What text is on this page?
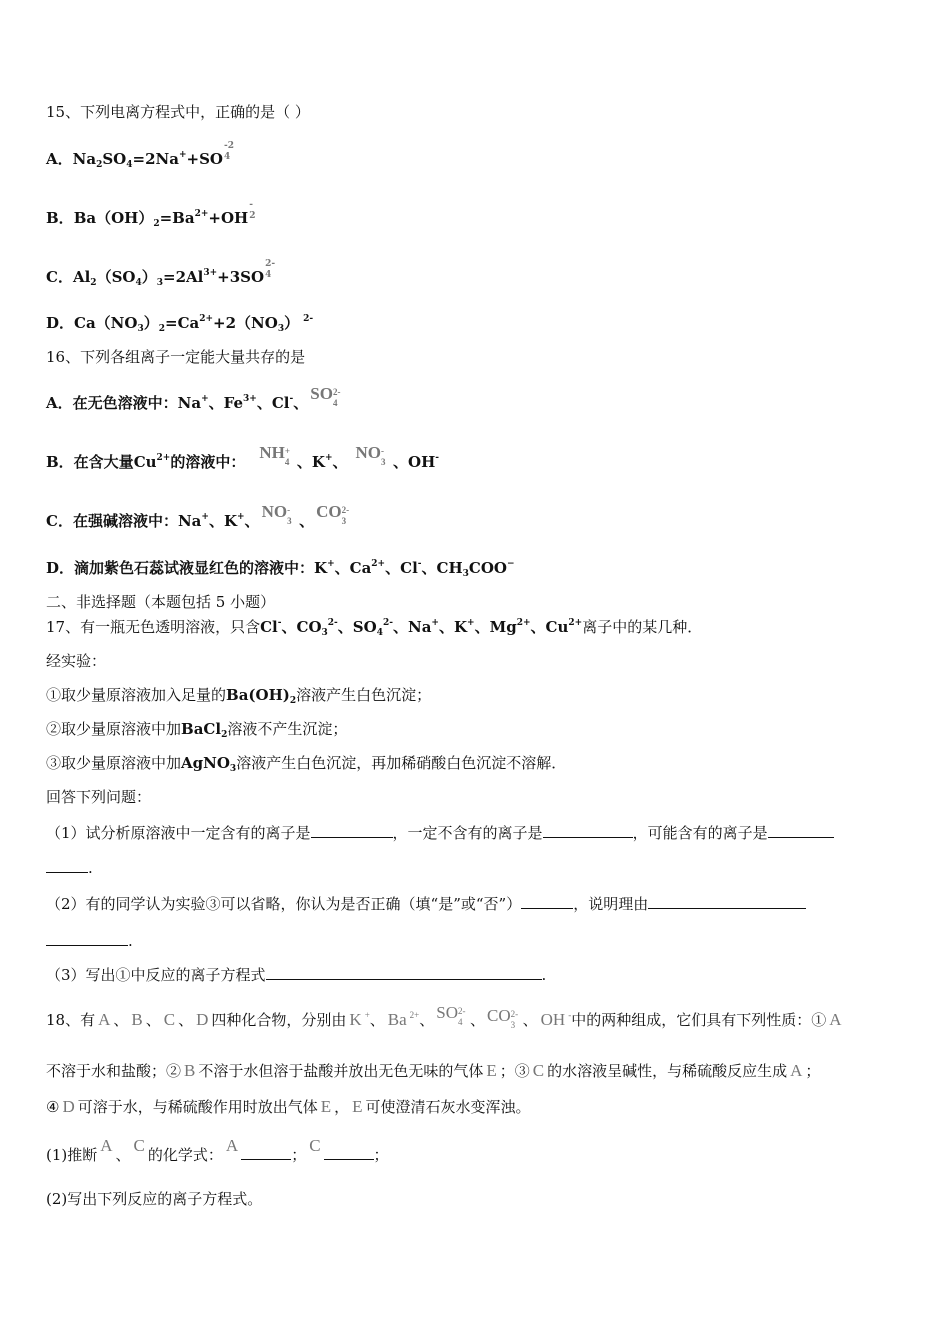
15、下列电离方程式中，正确的是（ ）
A．$Na_2SO_4=2Na^++SO$
-2
4
B．$Ba(OH)_2=Ba^{2+}+OH$
-
2
C．$Al_2(SO_4)_3=2Al^{3+}+3SO$
2-
4
D．$Ca(NO_3)_2=Ca^{2+}+2(NO_3)$ $^{2-}$
16、下列各组离子一定能大量共存的是
A．在无色溶液中：Na+、$Fe^{3+}$、Cl-、 SO 2-
4
B．在含大量$Cu^{2+}$的溶液中： NH +
4 、K+、 NO -
3 、OH-
C．在强碱溶液中：Na+、K+、 NO -
3 、 CO 2-
3
D．滴加紫色石蕊试液显红色的溶液中：K+、$Ca^{2+}$、Cl-、$CH_3COO^-$
二、非选择题（本题包括 5 小题）
17、有一瓶无色透明溶液，只含Cl-、$CO_3^{2-}$、$SO_4^{2-}$、Na+、K+、$Mg^{2+}$、$Cu^{2+}$离子中的某几种．
经实验：
①取少量原溶液加入足量的$Ba(OH)_2$溶液产生白色沉淀；
②取少量原溶液中加BaCl$_2$溶液不产生沉淀；
③取少量原溶液中加AgNO$_3$溶液产生白色沉淀，再加稀硝酸白色沉淀不溶解．
回答下列问题：
（1）试分析原溶液中一定含有的离子是	，一定不含有的离子是	，可能含有的离子是
.
（2）有的同学认为实验③可以省略，你认为是否正确（填“是”或“否”）	，说明理由
.
（3）写出①中反应的离子方程式	.
18、有 A 、 B 、 C 、 D 四种化合物，分别由 K +、 Ba $^{2+}$、 SO 2-
4 、 CO 2-
3 、 OH -中的两种组成，它们具有下列性质：① A
不溶于水和盐酸；② B 不溶于水但溶于盐酸并放出无色无味的气体 E ；③ C 的水溶液呈碱性，与稀硫酸反应生成 A ；
④ D 可溶于水，与稀硫酸作用时放出气体 E ， E 可使澄清石灰水变浑浊。
(1)推断 A 、 C 的化学式： A	； C	；
(2)写出下列反应的离子方程式。
